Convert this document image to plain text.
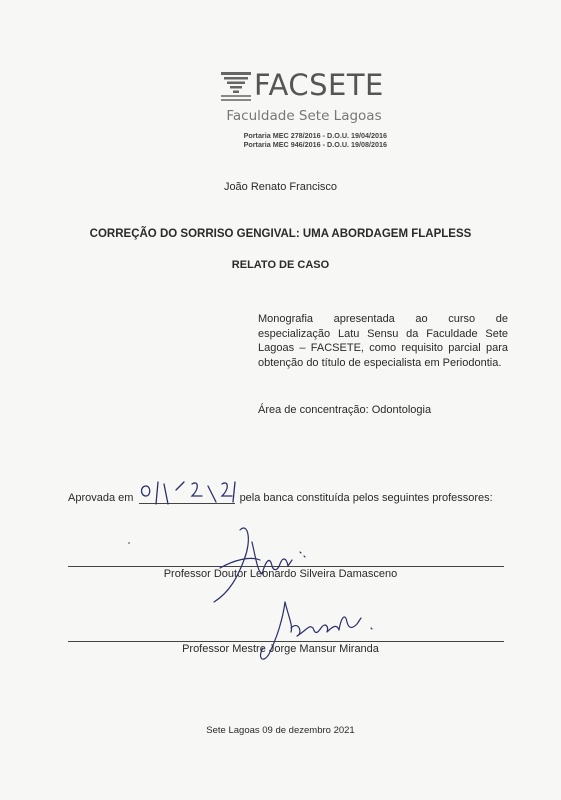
FACSETE
Faculdade Sete Lagoas
Portaria MEC 278/2016 - D.O.U. 19/04/2016
Portaria MEC 946/2016 - D.O.U. 19/08/2016
João Renato Francisco
CORREÇÃO DO SORRISO GENGIVAL: UMA ABORDAGEM FLAPLESS
RELATO DE CASO
Monografia apresentada ao curso de especialização Latu Sensu da Faculdade Sete Lagoas – FACSETE, como requisito parcial para obtenção do título de especialista em Periodontia.
Área de concentração: Odontologia
Aprovada em	pela banca constituída pelos seguintes professores:
Professor Doutor Leonardo Silveira Damasceno
Professor Mestre Jorge Mansur Miranda
Sete Lagoas 09 de dezembro 2021
